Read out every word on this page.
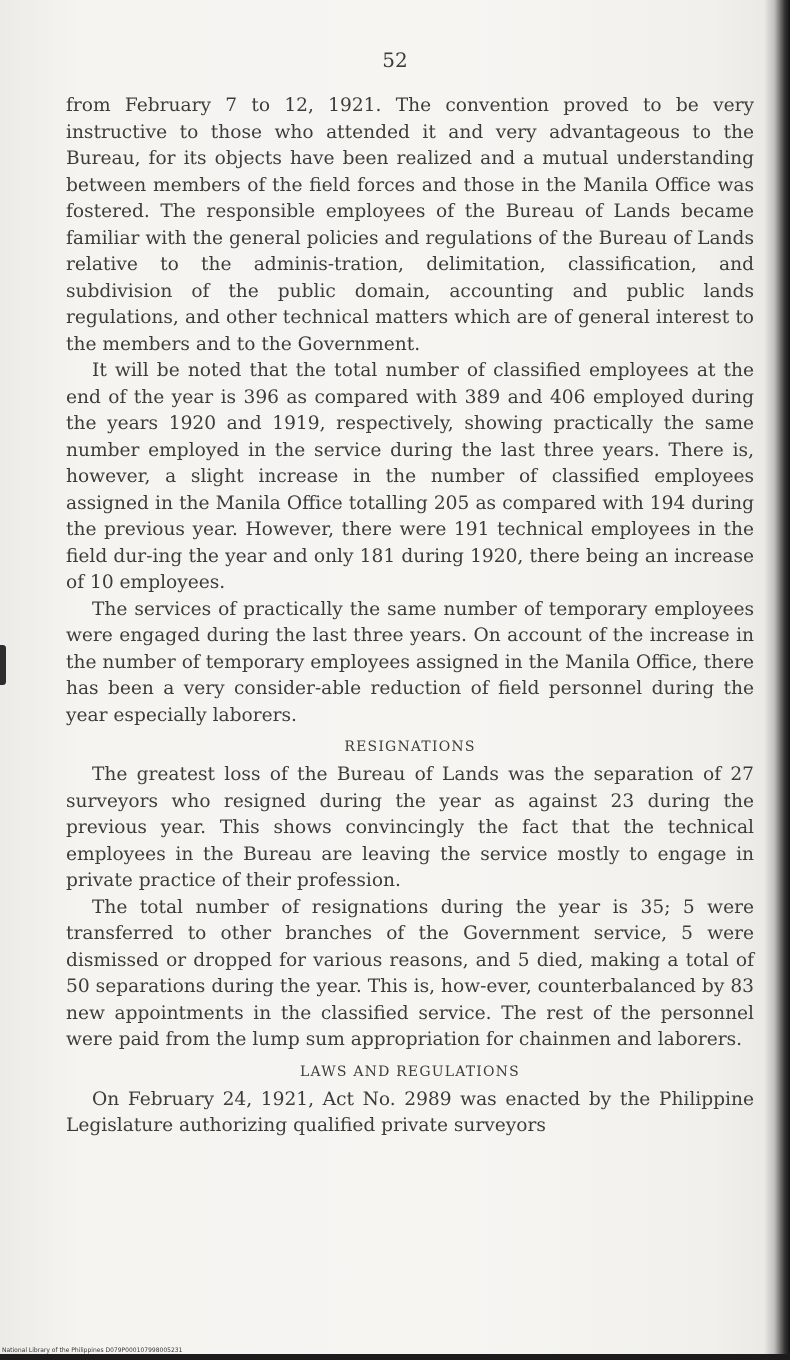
52

from February 7 to 12, 1921. The convention proved to be very instructive to those who attended it and very advantageous to the Bureau, for its objects have been realized and a mutual understanding between members of the field forces and those in the Manila Office was fostered. The responsible employees of the Bureau of Lands became familiar with the general policies and regulations of the Bureau of Lands relative to the adminis-tration, delimitation, classification, and subdivision of the public domain, accounting and public lands regulations, and other technical matters which are of general interest to the members and to the Government.

It will be noted that the total number of classified employees at the end of the year is 396 as compared with 389 and 406 employed during the years 1920 and 1919, respectively, showing practically the same number employed in the service during the last three years. There is, however, a slight increase in the number of classified employees assigned in the Manila Office totalling 205 as compared with 194 during the previous year. However, there were 191 technical employees in the field dur-ing the year and only 181 during 1920, there being an increase of 10 employees.

The services of practically the same number of temporary employees were engaged during the last three years. On account of the increase in the number of temporary employees assigned in the Manila Office, there has been a very consider-able reduction of field personnel during the year especially laborers.

RESIGNATIONS

The greatest loss of the Bureau of Lands was the separation of 27 surveyors who resigned during the year as against 23 during the previous year. This shows convincingly the fact that the technical employees in the Bureau are leaving the service mostly to engage in private practice of their profession.

The total number of resignations during the year is 35; 5 were transferred to other branches of the Government service, 5 were dismissed or dropped for various reasons, and 5 died, making a total of 50 separations during the year. This is, how-ever, counterbalanced by 83 new appointments in the classified service. The rest of the personnel were paid from the lump sum appropriation for chainmen and laborers.

LAWS AND REGULATIONS

On February 24, 1921, Act No. 2989 was enacted by the Philippine Legislature authorizing qualified private surveyors

National Library of the Philippines D079P000107998005231
